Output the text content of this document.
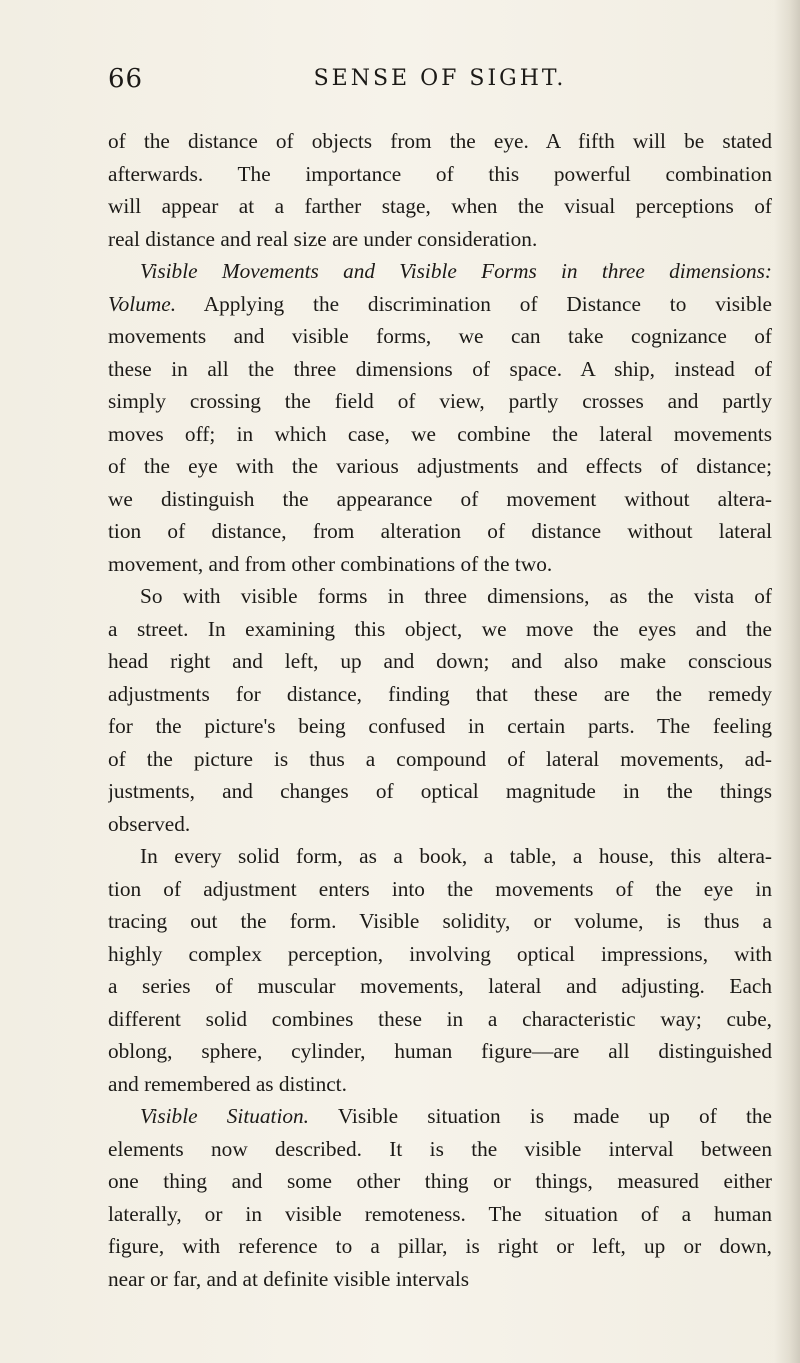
66	SENSE OF SIGHT.
of the distance of objects from the eye. A fifth will be stated
afterwards. The importance of this powerful combination
will appear at a farther stage, when the visual perceptions of
real distance and real size are under consideration.
Visible Movements and Visible Forms in three dimensions:
Volume. Applying the discrimination of Distance to visible
movements and visible forms, we can take cognizance of
these in all the three dimensions of space. A ship, instead of
simply crossing the field of view, partly crosses and partly
moves off; in which case, we combine the lateral movements
of the eye with the various adjustments and effects of distance;
we distinguish the appearance of movement without altera-
tion of distance, from alteration of distance without lateral
movement, and from other combinations of the two.
So with visible forms in three dimensions, as the vista of
a street. In examining this object, we move the eyes and the
head right and left, up and down; and also make conscious
adjustments for distance, finding that these are the remedy
for the picture's being confused in certain parts. The feeling
of the picture is thus a compound of lateral movements, ad-
justments, and changes of optical magnitude in the things
observed.
In every solid form, as a book, a table, a house, this altera-
tion of adjustment enters into the movements of the eye in
tracing out the form. Visible solidity, or volume, is thus a
highly complex perception, involving optical impressions, with
a series of muscular movements, lateral and adjusting. Each
different solid combines these in a characteristic way; cube,
oblong, sphere, cylinder, human figure—are all distinguished
and remembered as distinct.
Visible Situation. Visible situation is made up of the
elements now described. It is the visible interval between
one thing and some other thing or things, measured either
laterally, or in visible remoteness. The situation of a human
figure, with reference to a pillar, is right or left, up or down,
near or far, and at definite visible intervals
